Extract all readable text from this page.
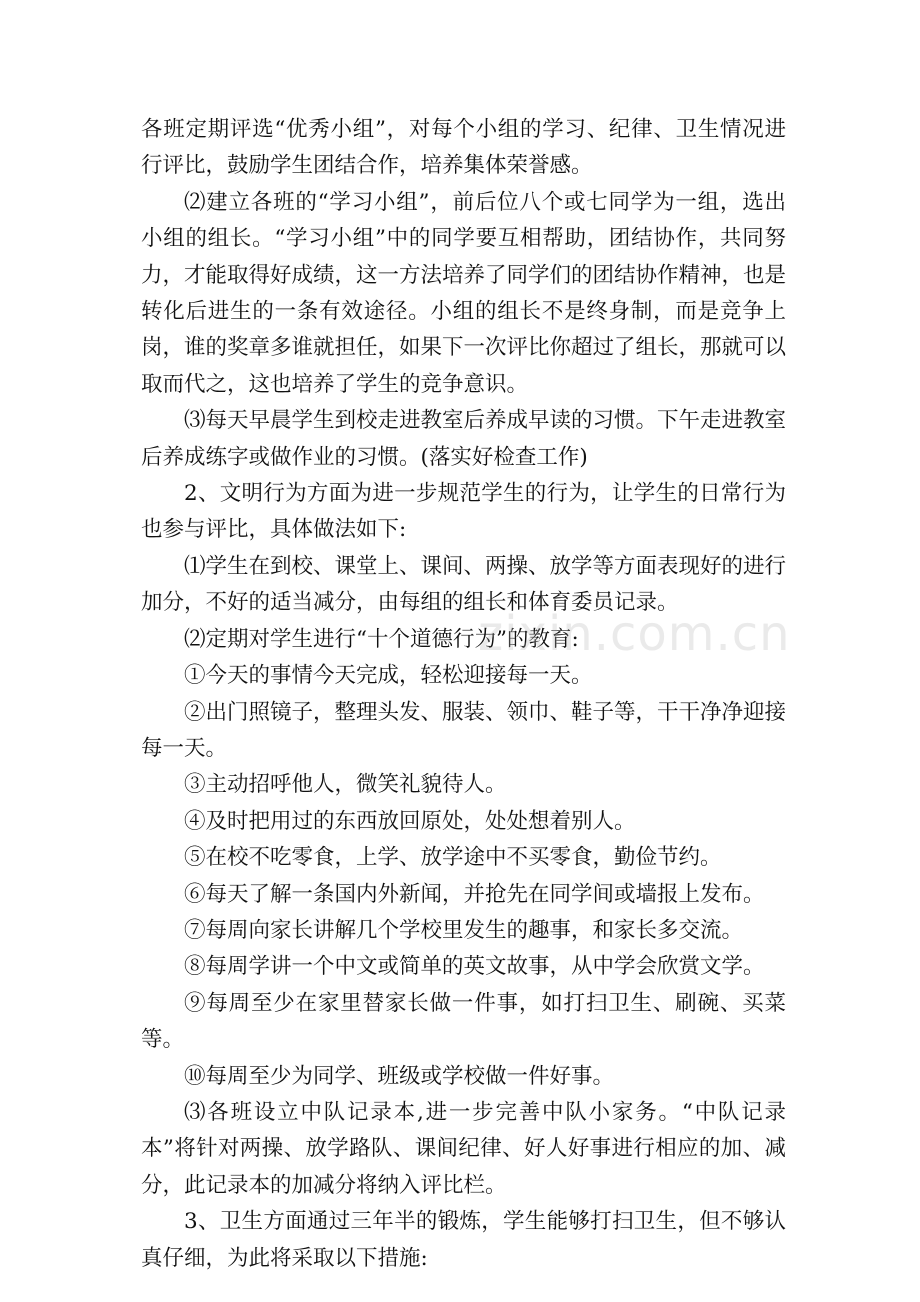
各班定期评选“优秀小组”，对每个小组的学习、纪律、卫生情况进行评比，鼓励学生团结合作，培养集体荣誉感。

⑵建立各班的“学习小组”，前后位八个或七同学为一组，选出小组的组长。“学习小组”中的同学要互相帮助，团结协作，共同努力，才能取得好成绩，这一方法培养了同学们的团结协作精神，也是转化后进生的一条有效途径。小组的组长不是终身制，而是竞争上岗，谁的奖章多谁就担任，如果下一次评比你超过了组长，那就可以取而代之，这也培养了学生的竞争意识。

⑶每天早晨学生到校走进教室后养成早读的习惯。下午走进教室后养成练字或做作业的习惯。(落实好检查工作)

2、文明行为方面为进一步规范学生的行为，让学生的日常行为也参与评比，具体做法如下:

⑴学生在到校、课堂上、课间、两操、放学等方面表现好的进行加分，不好的适当减分，由每组的组长和体育委员记录。

⑵定期对学生进行“十个道德行为”的教育:

①今天的事情今天完成，轻松迎接每一天。

②出门照镜子，整理头发、服装、领巾、鞋子等，干干净净迎接每一天。

③主动招呼他人，微笑礼貌待人。

④及时把用过的东西放回原处，处处想着别人。

⑤在校不吃零食，上学、放学途中不买零食，勤俭节约。

⑥每天了解一条国内外新闻，并抢先在同学间或墙报上发布。

⑦每周向家长讲解几个学校里发生的趣事，和家长多交流。

⑧每周学讲一个中文或简单的英文故事，从中学会欣赏文学。

⑨每周至少在家里替家长做一件事，如打扫卫生、刷碗、买菜等。

⑩每周至少为同学、班级或学校做一件好事。

⑶各班设立中队记录本,进一步完善中队小家务。“中队记录本”将针对两操、放学路队、课间纪律、好人好事进行相应的加、减分，此记录本的加减分将纳入评比栏。

3、卫生方面通过三年半的锻炼，学生能够打扫卫生，但不够认真仔细，为此将采取以下措施:

zixin.com.cn
